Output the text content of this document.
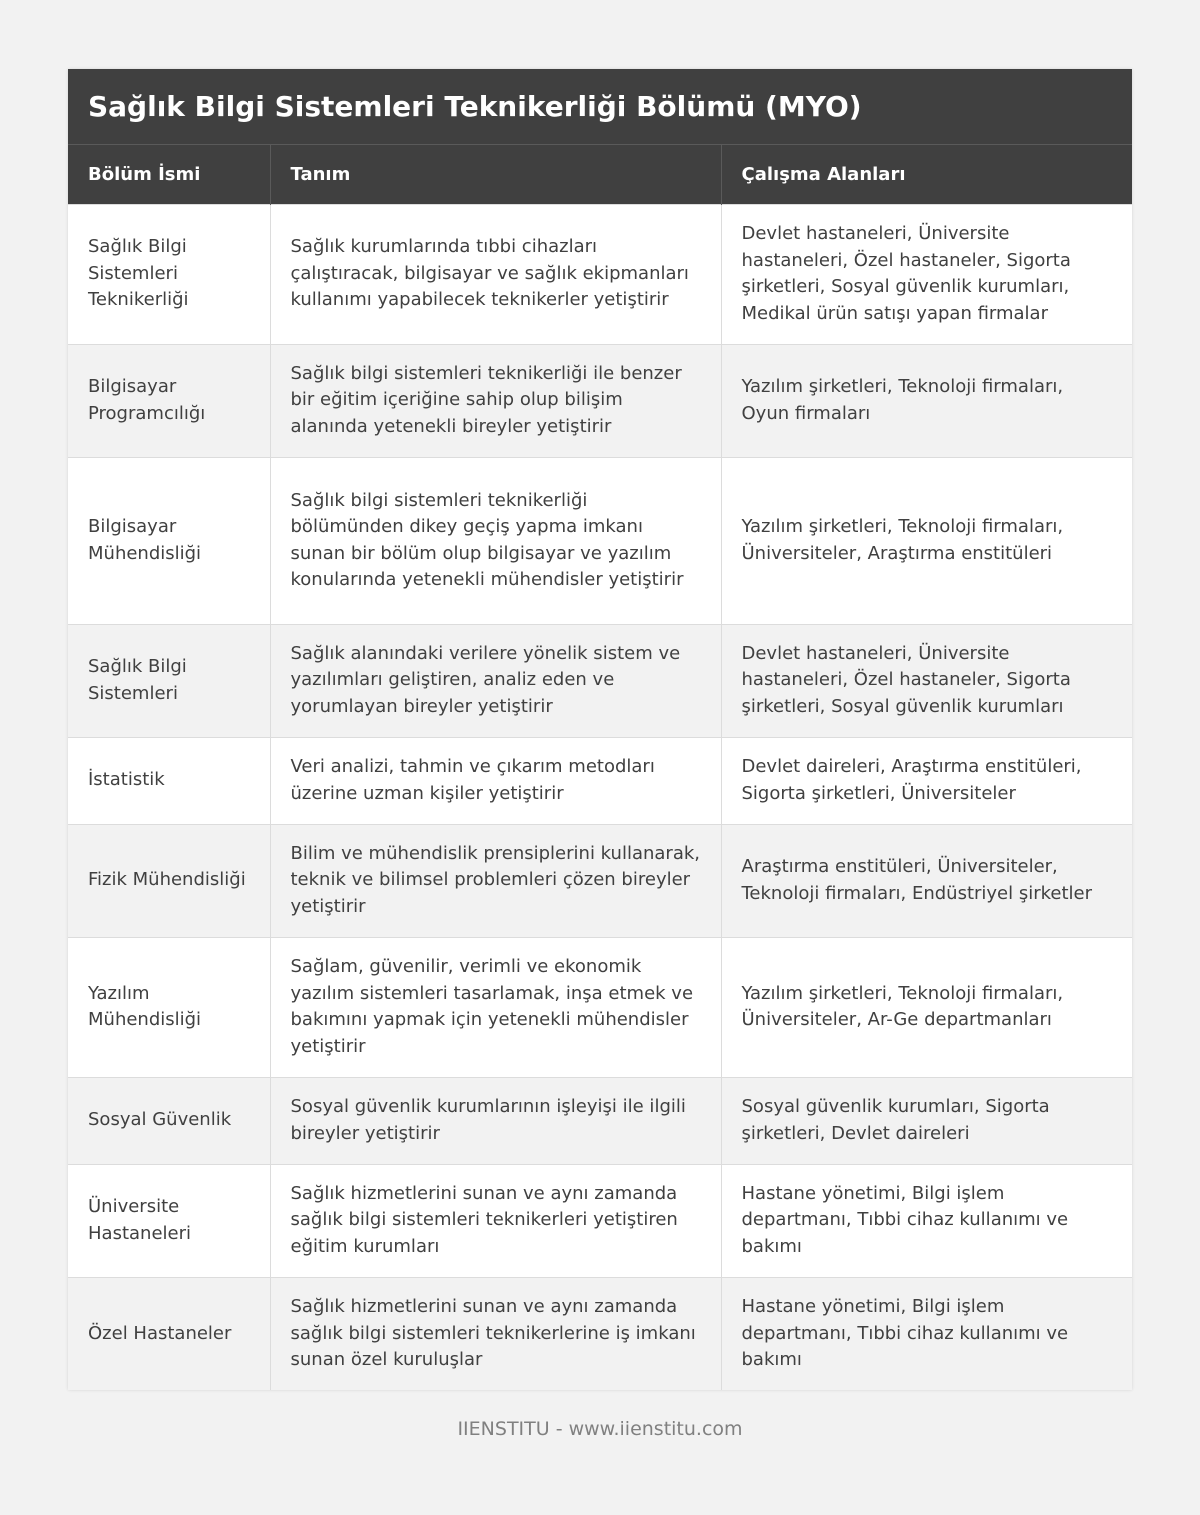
Sağlık Bilgi Sistemleri Teknikerliği Bölümü (MYO)
Bölüm İsmi	Tanım	Çalışma Alanları
Sağlık Bilgi Sistemleri Teknikerliği	Sağlık kurumlarında tıbbi cihazları çalıştıracak, bilgisayar ve sağlık ekipmanları kullanımı yapabilecek teknikerler yetiştirir	Devlet hastaneleri, Üniversite hastaneleri, Özel hastaneler, Sigorta şirketleri, Sosyal güvenlik kurumları, Medikal ürün satışı yapan firmalar
Bilgisayar Programcılığı	Sağlık bilgi sistemleri teknikerliği ile benzer bir eğitim içeriğine sahip olup bilişim alanında yetenekli bireyler yetiştirir	Yazılım şirketleri, Teknoloji firmaları, Oyun firmaları
Bilgisayar Mühendisliği	Sağlık bilgi sistemleri teknikerliği bölümünden dikey geçiş yapma imkanı sunan bir bölüm olup bilgisayar ve yazılım konularında yetenekli mühendisler yetiştirir	Yazılım şirketleri, Teknoloji firmaları, Üniversiteler, Araştırma enstitüleri
Sağlık Bilgi Sistemleri	Sağlık alanındaki verilere yönelik sistem ve yazılımları geliştiren, analiz eden ve yorumlayan bireyler yetiştirir	Devlet hastaneleri, Üniversite hastaneleri, Özel hastaneler, Sigorta şirketleri, Sosyal güvenlik kurumları
İstatistik	Veri analizi, tahmin ve çıkarım metodları üzerine uzman kişiler yetiştirir	Devlet daireleri, Araştırma enstitüleri, Sigorta şirketleri, Üniversiteler
Fizik Mühendisliği	Bilim ve mühendislik prensiplerini kullanarak, teknik ve bilimsel problemleri çözen bireyler yetiştirir	Araştırma enstitüleri, Üniversiteler, Teknoloji firmaları, Endüstriyel şirketler
Yazılım Mühendisliği	Sağlam, güvenilir, verimli ve ekonomik yazılım sistemleri tasarlamak, inşa etmek ve bakımını yapmak için yetenekli mühendisler yetiştirir	Yazılım şirketleri, Teknoloji firmaları, Üniversiteler, Ar-Ge departmanları
Sosyal Güvenlik	Sosyal güvenlik kurumlarının işleyişi ile ilgili bireyler yetiştirir	Sosyal güvenlik kurumları, Sigorta şirketleri, Devlet daireleri
Üniversite Hastaneleri	Sağlık hizmetlerini sunan ve aynı zamanda sağlık bilgi sistemleri teknikerleri yetiştiren eğitim kurumları	Hastane yönetimi, Bilgi işlem departmanı, Tıbbi cihaz kullanımı ve bakımı
Özel Hastaneler	Sağlık hizmetlerini sunan ve aynı zamanda sağlık bilgi sistemleri teknikerlerine iş imkanı sunan özel kuruluşlar	Hastane yönetimi, Bilgi işlem departmanı, Tıbbi cihaz kullanımı ve bakımı
IIENSTITU - www.iienstitu.com
